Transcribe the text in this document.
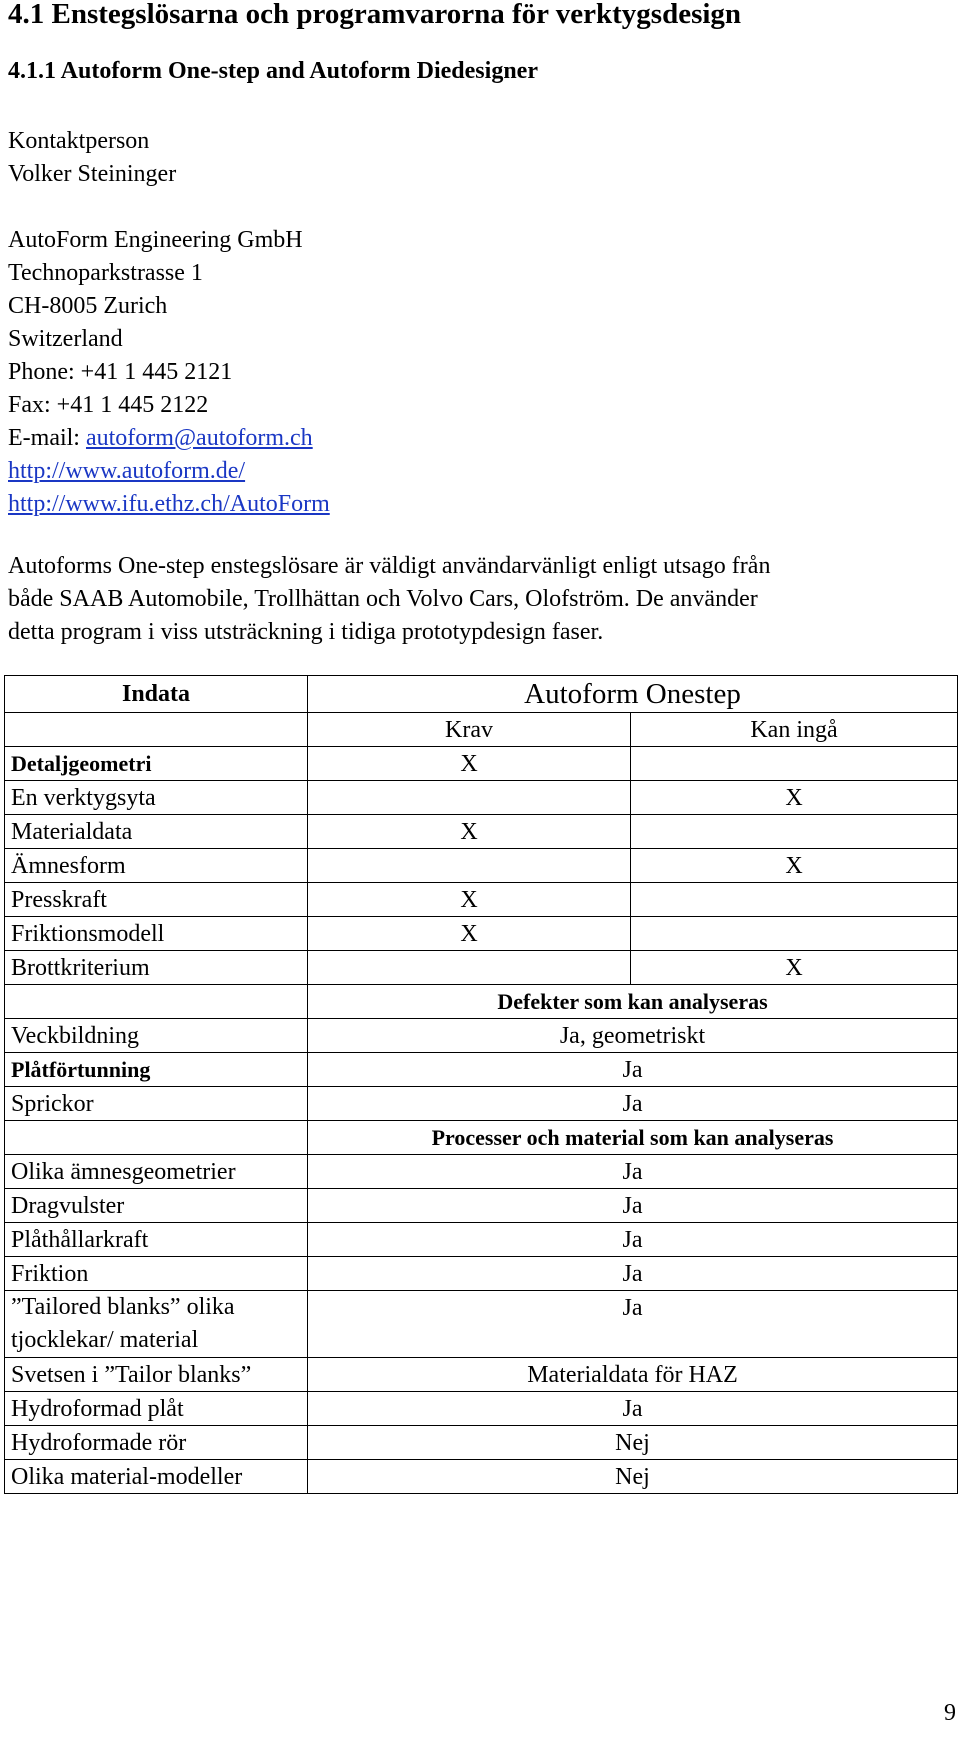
4.1 Enstegslösarna och programvarorna för verktygsdesign
4.1.1 Autoform One-step and Autoform Diedesigner
Kontaktperson
Volker Steininger
AutoForm Engineering GmbH
Technoparkstrasse 1
CH-8005 Zurich
Switzerland
Phone: +41 1 445 2121
Fax: +41 1 445 2122
E-mail: autoform@autoform.ch
http://www.autoform.de/
http://www.ifu.ethz.ch/AutoForm
Autoforms One-step enstegslösare är väldigt användarvänligt enligt utsago från
både SAAB Automobile, Trollhättan och Volvo Cars, Olofström. De använder
detta program i viss utsträckning i tidiga prototypdesign faser.
Indata	Autoform Onestep	
	Krav	Kan ingå
Detaljgeometri	X	
En verktygsyta		X
Materialdata	X	
Ämnesform		X
Presskraft	X	
Friktionsmodell	X	
Brottkriterium		X
	Defekter som kan analyseras	
Veckbildning	Ja, geometriskt	
Plåtförtunning	Ja	
Sprickor	Ja	
	Processer och material som kan analyseras	
Olika ämnesgeometrier	Ja	
Dragvulster	Ja	
Plåthållarkraft	Ja	
Friktion	Ja	

”Tailored blanks” olika
tjocklekar/ material	Ja	
Svetsen i ”Tailor blanks”	Materialdata för HAZ	
Hydroformad plåt	Ja	
Hydroformade rör	Nej	
Olika material-modeller	Nej	
9
